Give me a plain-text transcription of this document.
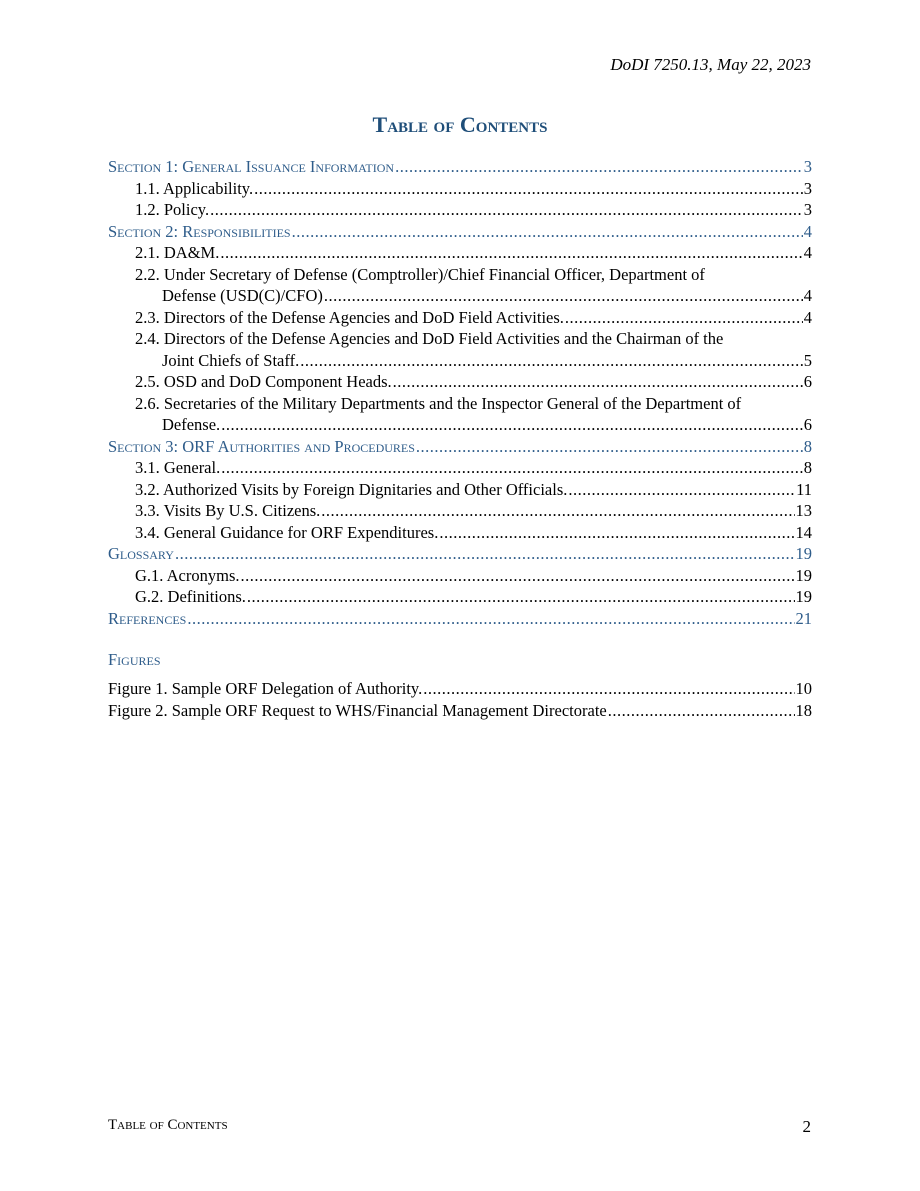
DoDI 7250.13, May 22, 2023
Table of Contents
Section 1: General Issuance Information .....	3
1.1. Applicability. .....	3
1.2. Policy. .....	3
Section 2: Responsibilities .....	4
2.1. DA&M. .....	4
2.2. Under Secretary of Defense (Comptroller)/Chief Financial Officer, Department of
Defense (USD(C)/CFO) .....	4
2.3. Directors of the Defense Agencies and DoD Field Activities. .....	4
2.4. Directors of the Defense Agencies and DoD Field Activities and the Chairman of the
Joint Chiefs of Staff. .....	5
2.5. OSD and DoD Component Heads. .....	6
2.6. Secretaries of the Military Departments and the Inspector General of the Department of
Defense. .....	6
Section 3: ORF Authorities and Procedures .....	8
3.1. General. .....	8
3.2. Authorized Visits by Foreign Dignitaries and Other Officials. .....	11
3.3. Visits By U.S. Citizens. .....	13
3.4. General Guidance for ORF Expenditures. .....	14
Glossary .....	19
G.1. Acronyms. .....	19
G.2. Definitions. .....	19
References .....	21
Figures
Figure 1. Sample ORF Delegation of Authority. .....	10
Figure 2. Sample ORF Request to WHS/Financial Management Directorate .....	18
Table of Contents	2
